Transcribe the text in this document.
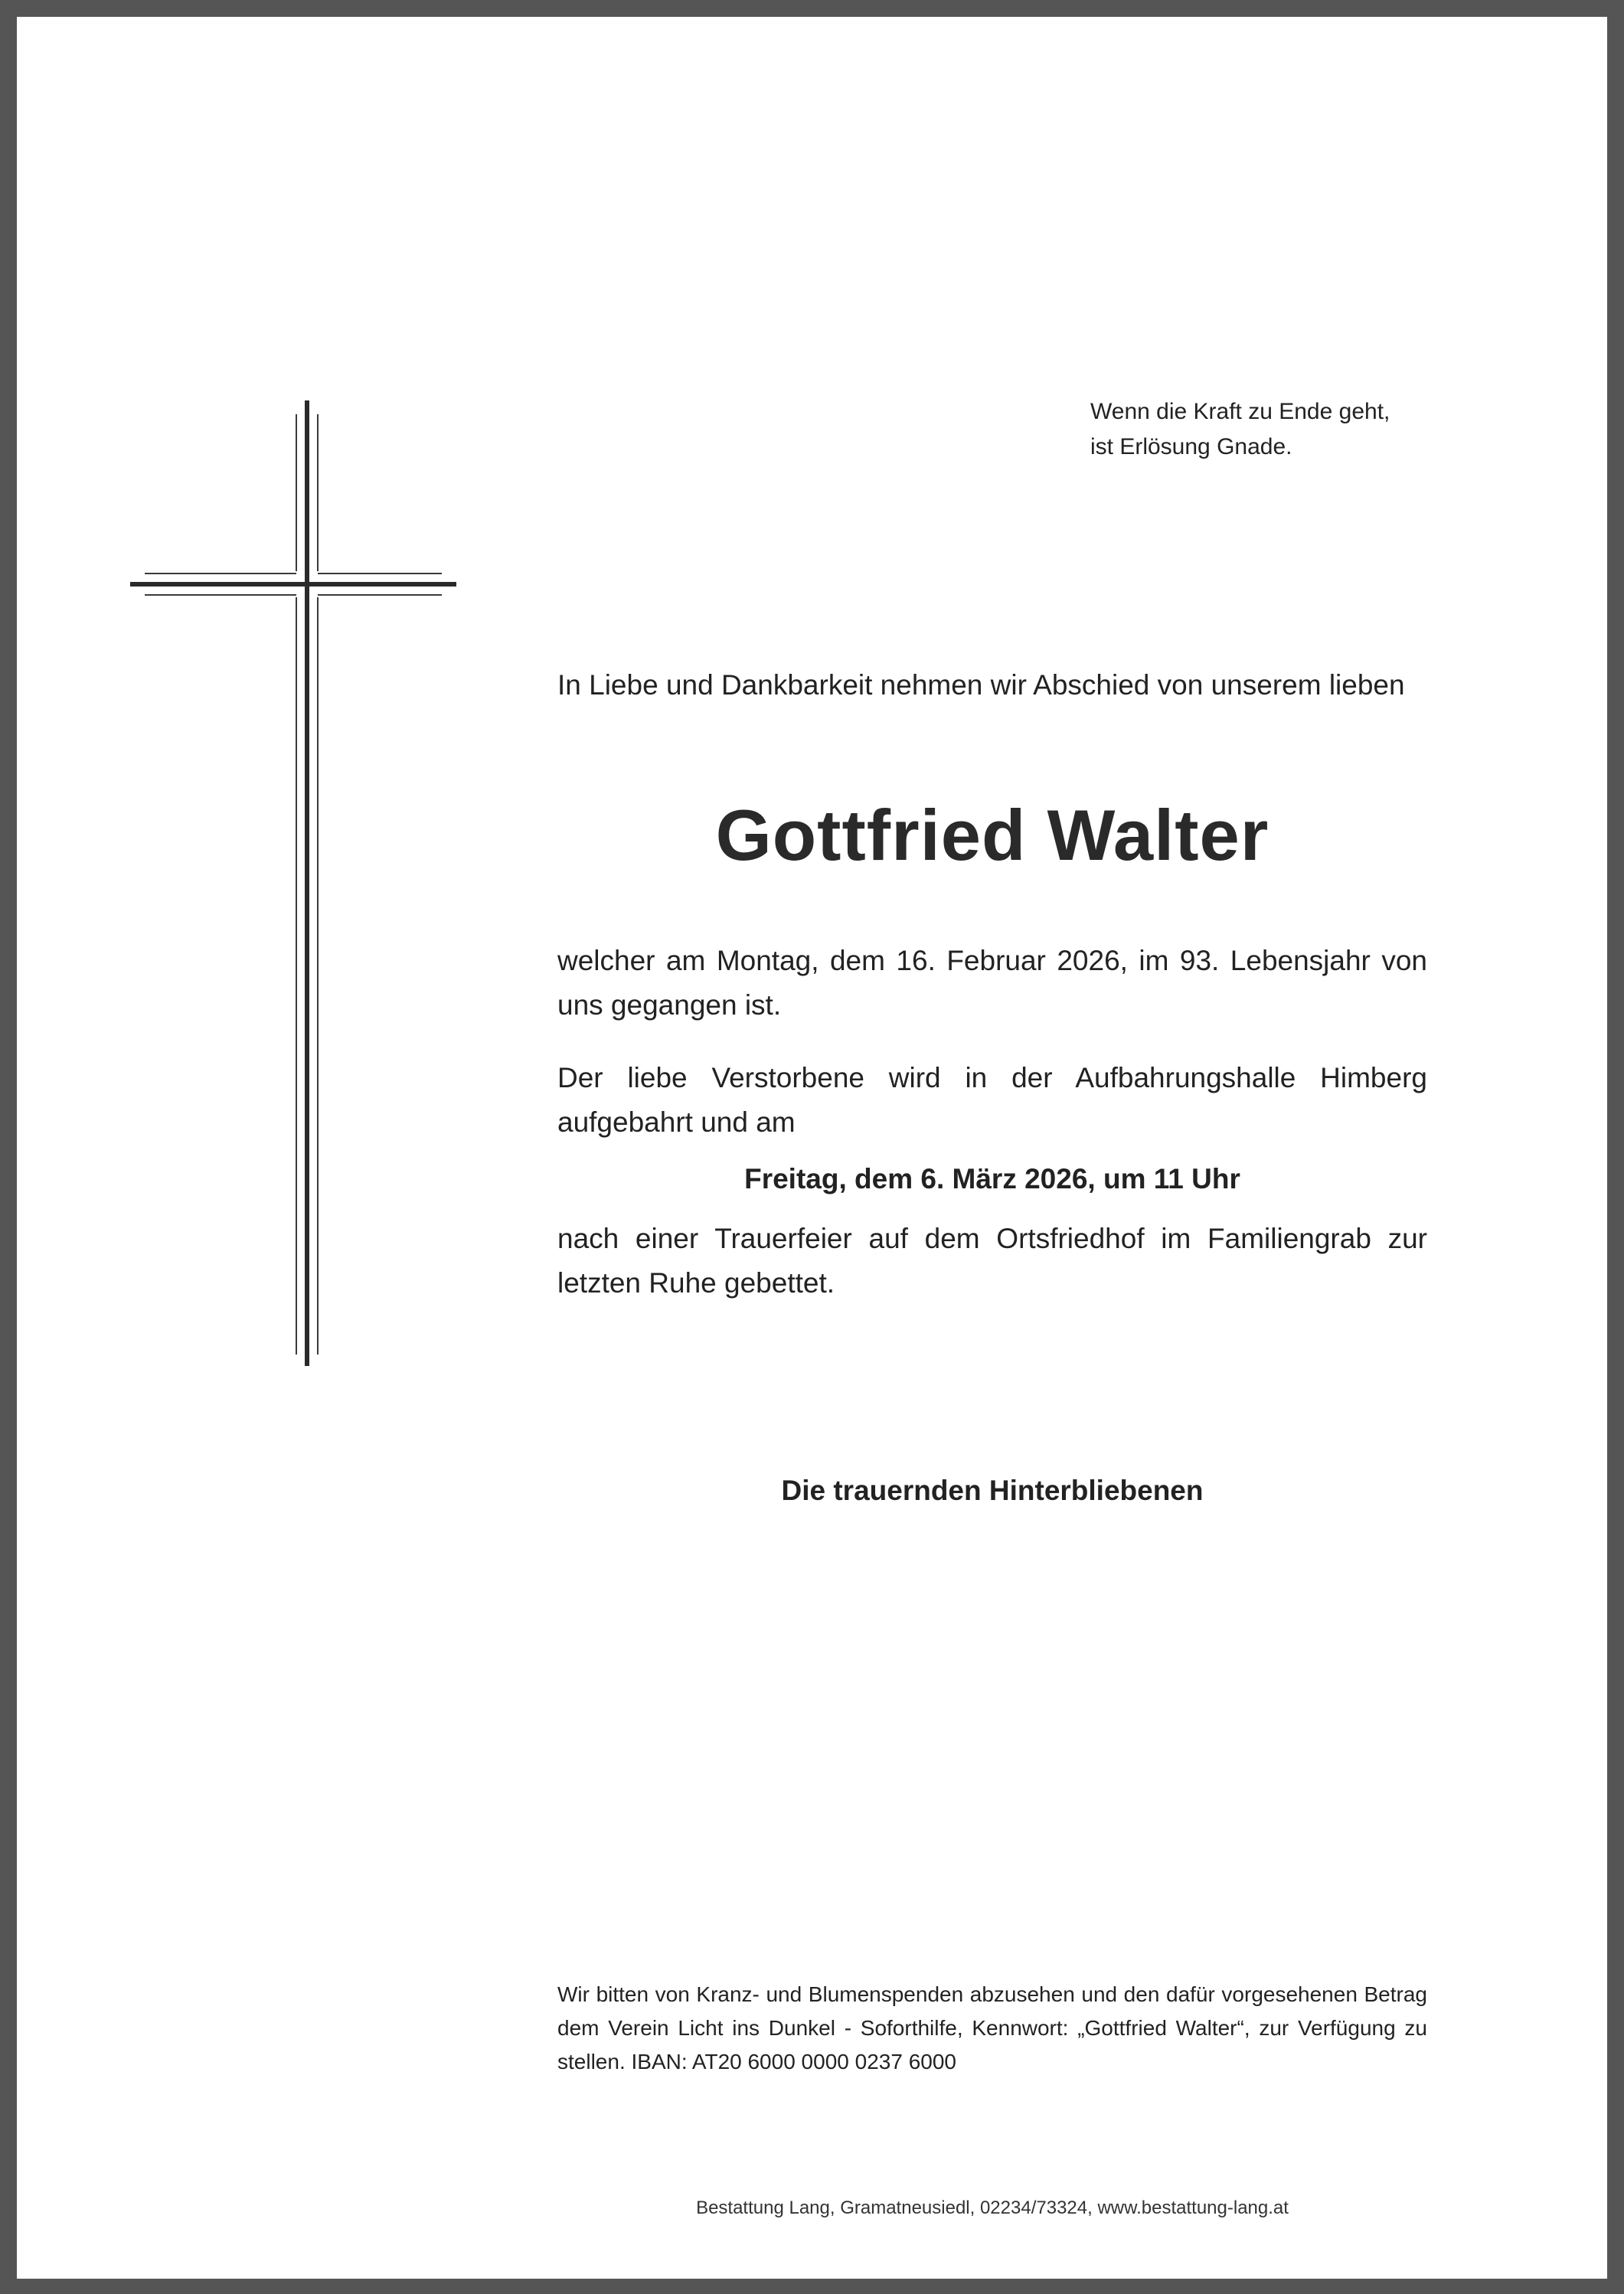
Wenn die Kraft zu Ende geht,
ist Erlösung Gnade.

In Liebe und Dankbarkeit nehmen wir Abschied von unserem lieben

Gottfried Walter

welcher am Montag, dem 16. Februar 2026, im 93. Lebensjahr von uns gegangen ist.

Der liebe Verstorbene wird in der Aufbahrungshalle Himberg aufgebahrt und am

Freitag, dem 6. März 2026, um 11 Uhr

nach einer Trauerfeier auf dem Ortsfriedhof im Familiengrab zur letzten Ruhe gebettet.

Die trauernden Hinterbliebenen

Wir bitten von Kranz- und Blumenspenden abzusehen und den dafür vorgesehenen Betrag dem Verein Licht ins Dunkel - Soforthilfe, Kennwort: „Gottfried Walter“, zur Verfügung zu stellen. IBAN: AT20 6000 0000 0237 6000

Bestattung Lang, Gramatneusiedl, 02234/73324, www.bestattung-lang.at
